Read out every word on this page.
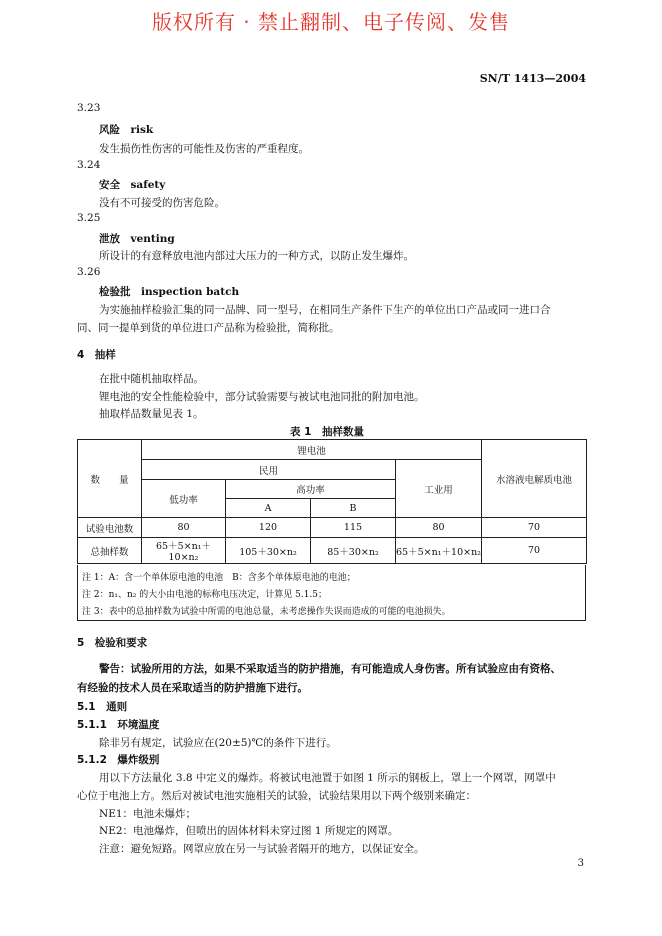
版权所有 · 禁止翻制、电子传阅、发售
SN/T 1413—2004
3.23
风险　risk
发生损伤性伤害的可能性及伤害的严重程度。
3.24
安全　safety
没有不可接受的伤害危险。
3.25
泄放　venting
所设计的有意释放电池内部过大压力的一种方式，以防止发生爆炸。
3.26
检验批　inspection batch
为实施抽样检验汇集的同一品牌、同一型号，在相同生产条件下生产的单位出口产品或同一进口合
同、同一提单到货的单位进口产品称为检验批，简称批。
4　抽样
在批中随机抽取样品。
锂电池的安全性能检验中，部分试验需要与被试电池同批的附加电池。
抽取样品数量见表 1。
表 1　抽样数量
数　　量	锂电池				水溶液电解质电池
	民用			工业用	
	低功率	高功率			
		A	B		
试验电池数	80	120	115	80	70
总抽样数	65＋5×n₁＋10×n₂	105＋30×n₂	85＋30×n₂	65＋5×n₁＋10×n₂	70
注 1：A：含一个单体原电池的电池　B：含多个单体原电池的电池；
注 2：n₁、n₂ 的大小由电池的标称电压决定，计算见 5.1.5；
注 3：表中的总抽样数为试验中所需的电池总量，未考虑操作失误而造成的可能的电池损失。
5　检验和要求
警告：试验所用的方法，如果不采取适当的防护措施，有可能造成人身伤害。所有试验应由有资格、
有经验的技术人员在采取适当的防护措施下进行。
5.1　通则
5.1.1　环境温度
除非另有规定，试验应在(20±5)℃的条件下进行。
5.1.2　爆炸级别
用以下方法量化 3.8 中定义的爆炸。将被试电池置于如图 1 所示的钢板上，罩上一个网罩，网罩中
心位于电池上方。然后对被试电池实施相关的试验，试验结果用以下两个级别来确定：
NE1：电池未爆炸；
NE2：电池爆炸，但喷出的固体材料未穿过图 1 所规定的网罩。
注意：避免短路。网罩应放在另一与试验者隔开的地方，以保证安全。
3
